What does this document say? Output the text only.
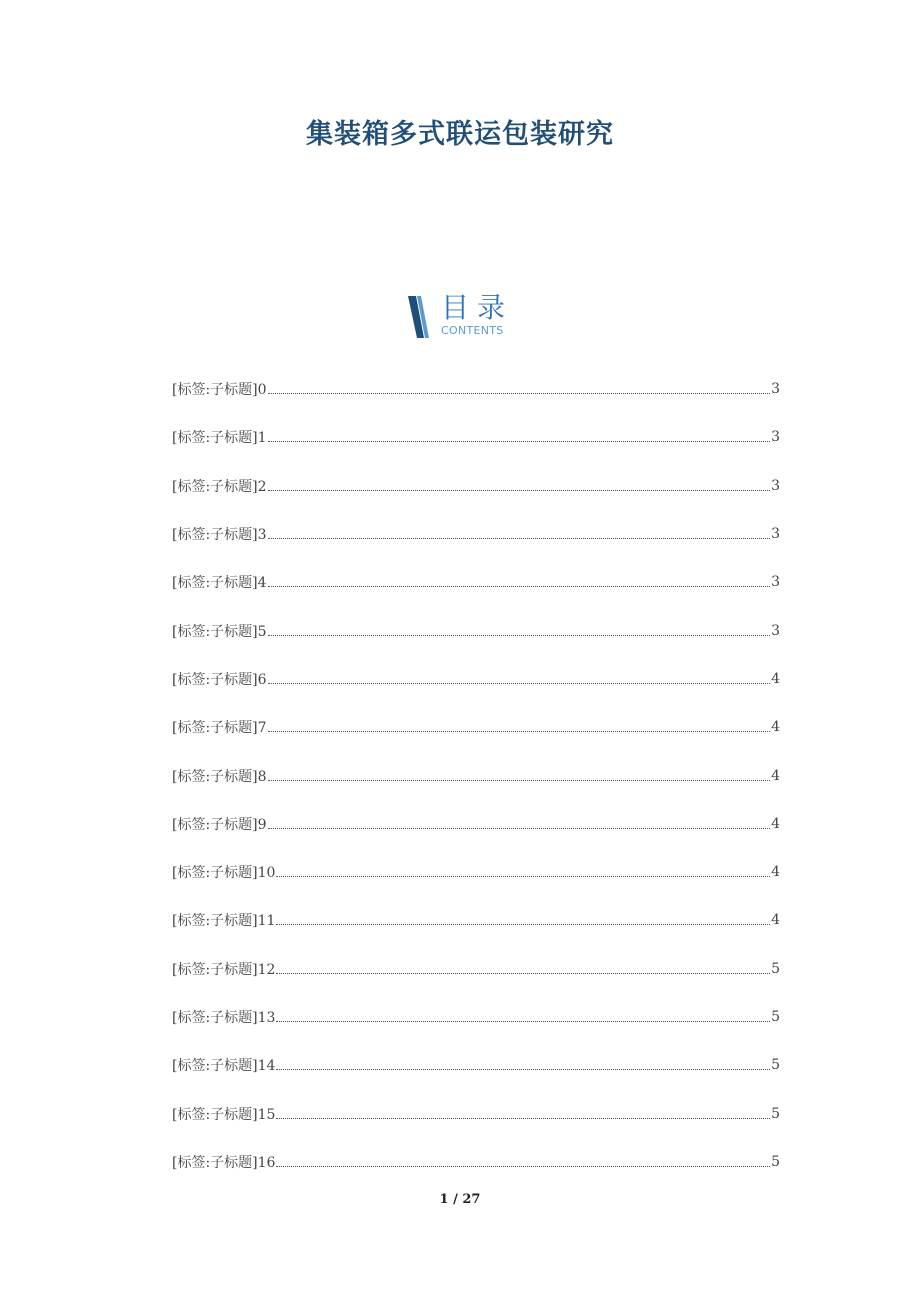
集装箱多式联运包装研究
目录
CONTENTS
[标签:子标题]0	3
[标签:子标题]1	3
[标签:子标题]2	3
[标签:子标题]3	3
[标签:子标题]4	3
[标签:子标题]5	3
[标签:子标题]6	4
[标签:子标题]7	4
[标签:子标题]8	4
[标签:子标题]9	4
[标签:子标题]10	4
[标签:子标题]11	4
[标签:子标题]12	5
[标签:子标题]13	5
[标签:子标题]14	5
[标签:子标题]15	5
[标签:子标题]16	5
1 / 27
